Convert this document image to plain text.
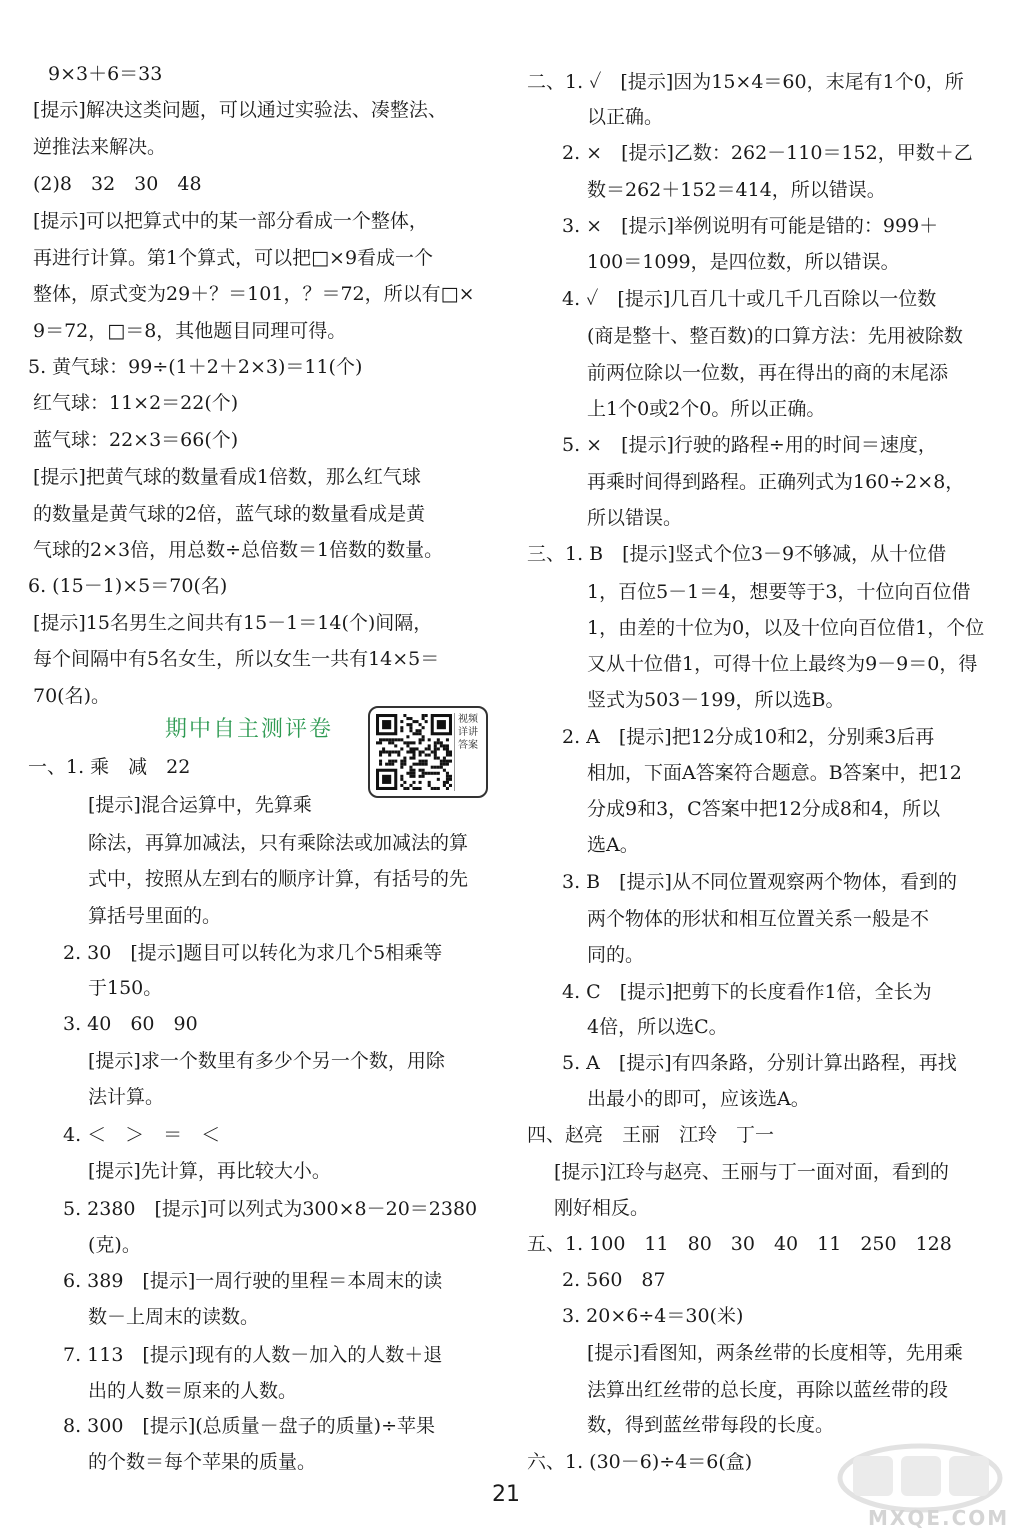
9×3＋6＝33
[提示]解决这类问题，可以通过实验法、凑整法、
逆推法来解决。
(2)8　32　30　48
[提示]可以把算式中的某一部分看成一个整体，
再进行计算。第1个算式，可以把□×9看成一个
整体，原式变为29＋？＝101，？＝72，所以有□×
9＝72，□＝8，其他题目同理可得。
5. 黄气球：99÷(1＋2＋2×3)＝11(个)
红气球：11×2＝22(个)
蓝气球：22×3＝66(个)
[提示]把黄气球的数量看成1倍数，那么红气球
的数量是黄气球的2倍，蓝气球的数量看成是黄
气球的2×3倍，用总数÷总倍数＝1倍数的数量。
6. (15－1)×5＝70(名)
[提示]15名男生之间共有15－1＝14(个)间隔，
每个间隔中有5名女生，所以女生一共有14×5＝
70(名)。
一、1. 乘　减　22
[提示]混合运算中，先算乘
除法，再算加减法，只有乘除法或加减法的算
式中，按照从左到右的顺序计算，有括号的先
算括号里面的。
2. 30　[提示]题目可以转化为求几个5相乘等
于150。
3. 40　60　90
[提示]求一个数里有多少个另一个数，用除
法计算。
4. ＜　＞　＝　＜
[提示]先计算，再比较大小。
5. 2380　[提示]可以列式为300×8－20＝2380
(克)。
6. 389　[提示]一周行驶的里程＝本周末的读
数－上周末的读数。
7. 113　[提示]现有的人数－加入的人数＋退
出的人数＝原来的人数。
8. 300　[提示](总质量－盘子的质量)÷苹果
的个数＝每个苹果的质量。
期中自主测评卷	视频详讲答案
二、1. ✓　[提示]因为15×4＝60，末尾有1个0，所
以正确。
2. ×　[提示]乙数：262－110＝152，甲数＋乙
数＝262＋152＝414，所以错误。
3. ×　[提示]举例说明有可能是错的：999＋
100＝1099，是四位数，所以错误。
4. ✓　[提示]几百几十或几千几百除以一位数
(商是整十、整百数)的口算方法：先用被除数
前两位除以一位数，再在得出的商的末尾添
上1个0或2个0。所以正确。
5. ×　[提示]行驶的路程÷用的时间＝速度，
再乘时间得到路程。正确列式为160÷2×8，
所以错误。
三、1. B　[提示]竖式个位3－9不够减，从十位借
1，百位5－1＝4，想要等于3，十位向百位借
1，由差的十位为0，以及十位向百位借1，个位
又从十位借1，可得十位上最终为9－9＝0，得
竖式为503－199，所以选B。
2. A　[提示]把12分成10和2，分别乘3后再
相加，下面A答案符合题意。B答案中，把12
分成9和3，C答案中把12分成8和4，所以
选A。
3. B　[提示]从不同位置观察两个物体，看到的
两个物体的形状和相互位置关系一般是不
同的。
4. C　[提示]把剪下的长度看作1倍，全长为
4倍，所以选C。
5. A　[提示]有四条路，分别计算出路程，再找
出最小的即可，应该选A。
四、赵亮　王丽　江玲　丁一
[提示]江玲与赵亮、王丽与丁一面对面，看到的
刚好相反。
五、1. 100　11　80　30　40　11　250　128
2. 560　87
3. 20×6÷4＝30(米)
[提示]看图知，两条丝带的长度相等，先用乘
法算出红丝带的总长度，再除以蓝丝带的段
数，得到蓝丝带每段的长度。
六、1. (30－6)÷4＝6(盒)
21
MXQE.COM
